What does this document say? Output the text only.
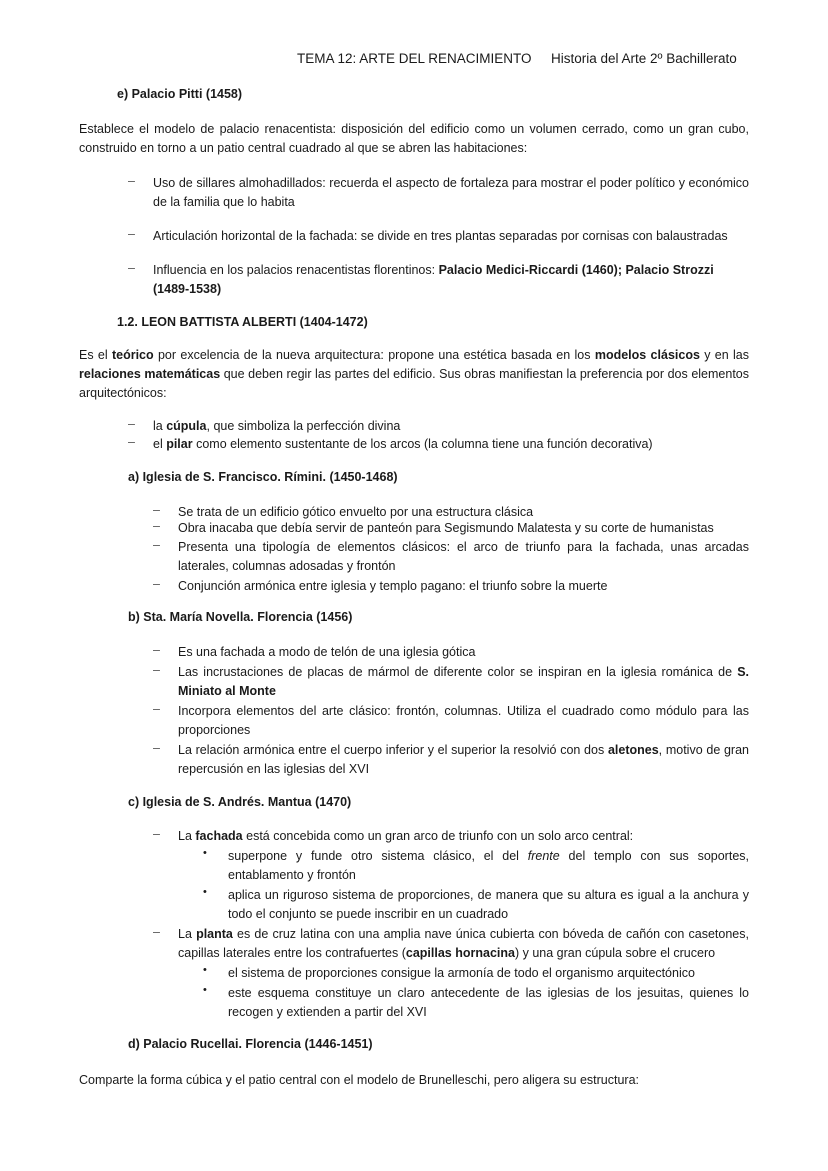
TEMA 12: ARTE DEL RENACIMIENTO Historia del Arte 2º Bachillerato
e) Palacio Pitti (1458)
Establece el modelo de palacio renacentista: disposición del edificio como un volumen cerrado, como un gran cubo, construido en torno a un patio central cuadrado al que se abren las habitaciones:
– Uso de sillares almohadillados: recuerda el aspecto de fortaleza para mostrar el poder político y económico de la familia que lo habita
– Articulación horizontal de la fachada: se divide en tres plantas separadas por cornisas con balaustradas
– Influencia en los palacios renacentistas florentinos: Palacio Medici-Riccardi (1460); Palacio Strozzi (1489-1538)
1.2. LEON BATTISTA ALBERTI (1404-1472)
Es el teórico por excelencia de la nueva arquitectura: propone una estética basada en los modelos clásicos y en las relaciones matemáticas que deben regir las partes del edificio. Sus obras manifiestan la preferencia por dos elementos arquitectónicos:
– la cúpula, que simboliza la perfección divina
– el pilar como elemento sustentante de los arcos (la columna tiene una función decorativa)
a) Iglesia de S. Francisco. Rímini. (1450-1468)
– Se trata de un edificio gótico envuelto por una estructura clásica
– Obra inacaba que debía servir de panteón para Segismundo Malatesta y su corte de humanistas
– Presenta una tipología de elementos clásicos: el arco de triunfo para la fachada, unas arcadas laterales, columnas adosadas y frontón
– Conjunción armónica entre iglesia y templo pagano: el triunfo sobre la muerte
b) Sta. María Novella. Florencia (1456)
– Es una fachada a modo de telón de una iglesia gótica
– Las incrustaciones de placas de mármol de diferente color se inspiran en la iglesia románica de S. Miniato al Monte
– Incorpora elementos del arte clásico: frontón, columnas. Utiliza el cuadrado como módulo para las proporciones
– La relación armónica entre el cuerpo inferior y el superior la resolvió con dos aletones, motivo de gran repercusión en las iglesias del XVI
c) Iglesia de S. Andrés. Mantua (1470)
– La fachada está concebida como un gran arco de triunfo con un solo arco central:
• superpone y funde otro sistema clásico, el del frente del templo con sus soportes, entablamento y frontón
• aplica un riguroso sistema de proporciones, de manera que su altura es igual a la anchura y todo el conjunto se puede inscribir en un cuadrado
– La planta es de cruz latina con una amplia nave única cubierta con bóveda de cañón con casetones, capillas laterales entre los contrafuertes (capillas hornacina) y una gran cúpula sobre el crucero
• el sistema de proporciones consigue la armonía de todo el organismo arquitectónico
• este esquema constituye un claro antecedente de las iglesias de los jesuitas, quienes lo recogen y extienden a partir del XVI
d) Palacio Rucellai. Florencia (1446-1451)
Comparte la forma cúbica y el patio central con el modelo de Brunelleschi, pero aligera su estructura:
